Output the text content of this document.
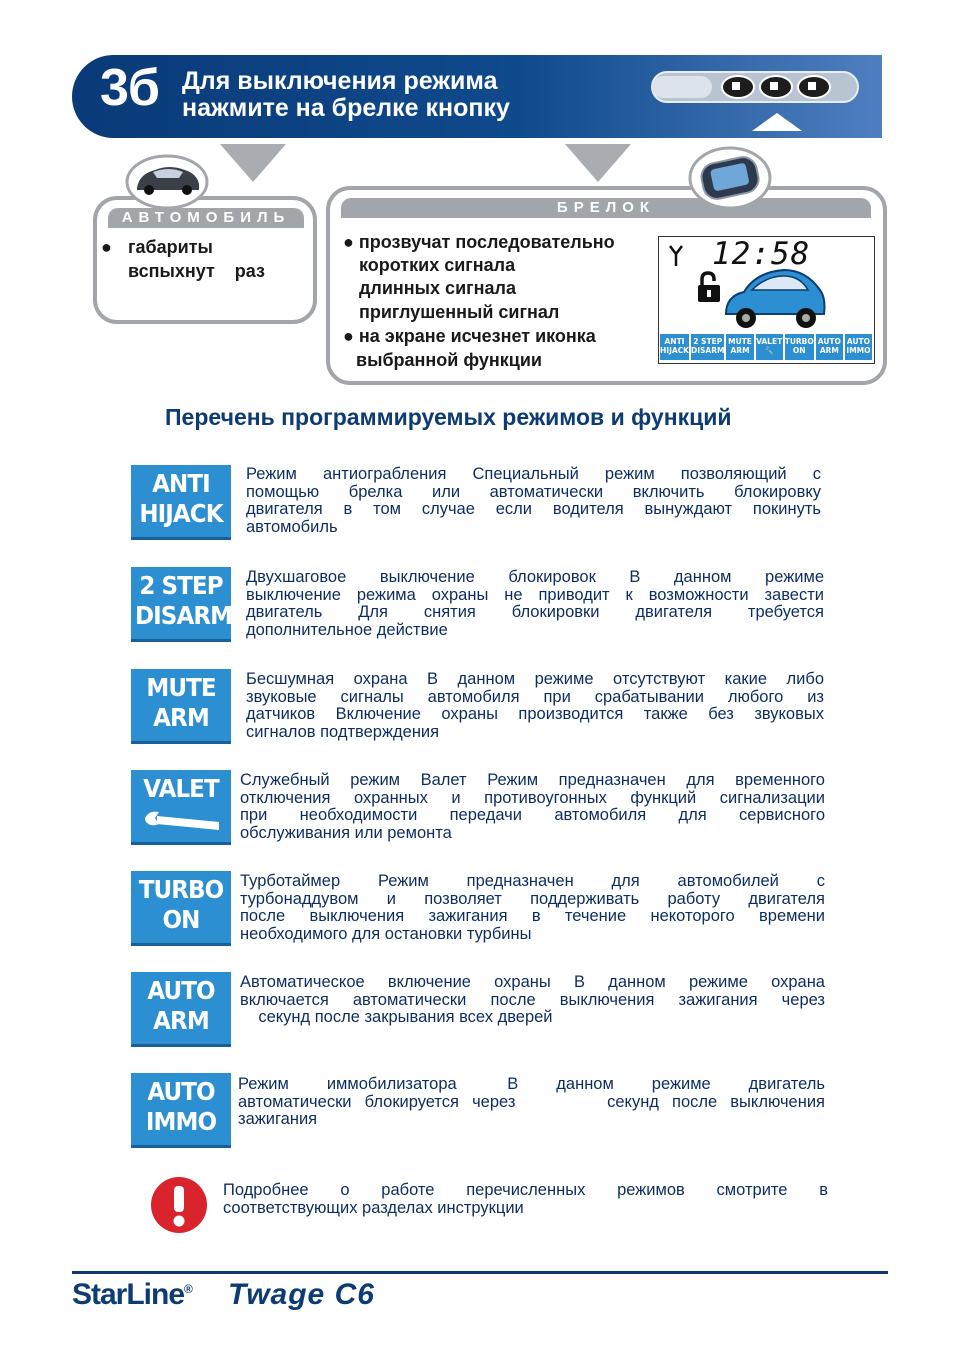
3б Для выключения режима
нажмите на брелке кнопку
АВТОМОБИЛЬ
● габариты
вспыхнут    раз
БРЕЛОК
● прозвучат последовательно
коротких сигнала
длинных сигнала
приглушенный сигнал
● на экране исчезнет иконка
выбранной функции
12:58
ANTI
HIJACK
2 STEP
DISARM
MUTE
ARM
VALET
🔧
TURBO
ON
AUTO
ARM
AUTO
IMMO
Перечень программируемых режимов и функций
ANTI
HIJACK
Режим антиограбления Специальный режим позволяющий с
помощью брелка или автоматически включить блокировку
двигателя в том случае если водителя вынуждают покинуть
автомобиль
2 STEP
DISARM
Двухшаговое выключение блокировок В данном режиме
выключение режима охраны не приводит к возможности завести
двигатель Для снятия блокировки двигателя требуется
дополнительное действие
MUTE
ARM
Бесшумная охрана В данном режиме отсутствуют какие либо
звуковые сигналы автомобиля при срабатывании любого из
датчиков Включение охраны производится также без звуковых
сигналов подтверждения
VALET	Служебный режим Валет Режим предназначен для временного
отключения охранных и противоугонных функций сигнализации
при необходимости передачи автомобиля для сервисного
обслуживания или ремонта
TURBO
ON
Турботаймер Режим предназначен для автомобилей с
турбонаддувом и позволяет поддерживать работу двигателя
после выключения зажигания в течение некоторого времени
необходимого для остановки турбины
AUTO
ARM
Автоматическое включение охраны В данном режиме охрана
включается автоматически после выключения зажигания через
секунд после закрывания всех дверей
AUTO
IMMO
Режим   иммобилизатора    В   данном   режиме   двигатель
автоматически блокируется через       секунд после выключения
зажигания
Подробнее о работе перечисленных режимов смотрите в
соответствующих разделах инструкции
StarLine® Twage C6
